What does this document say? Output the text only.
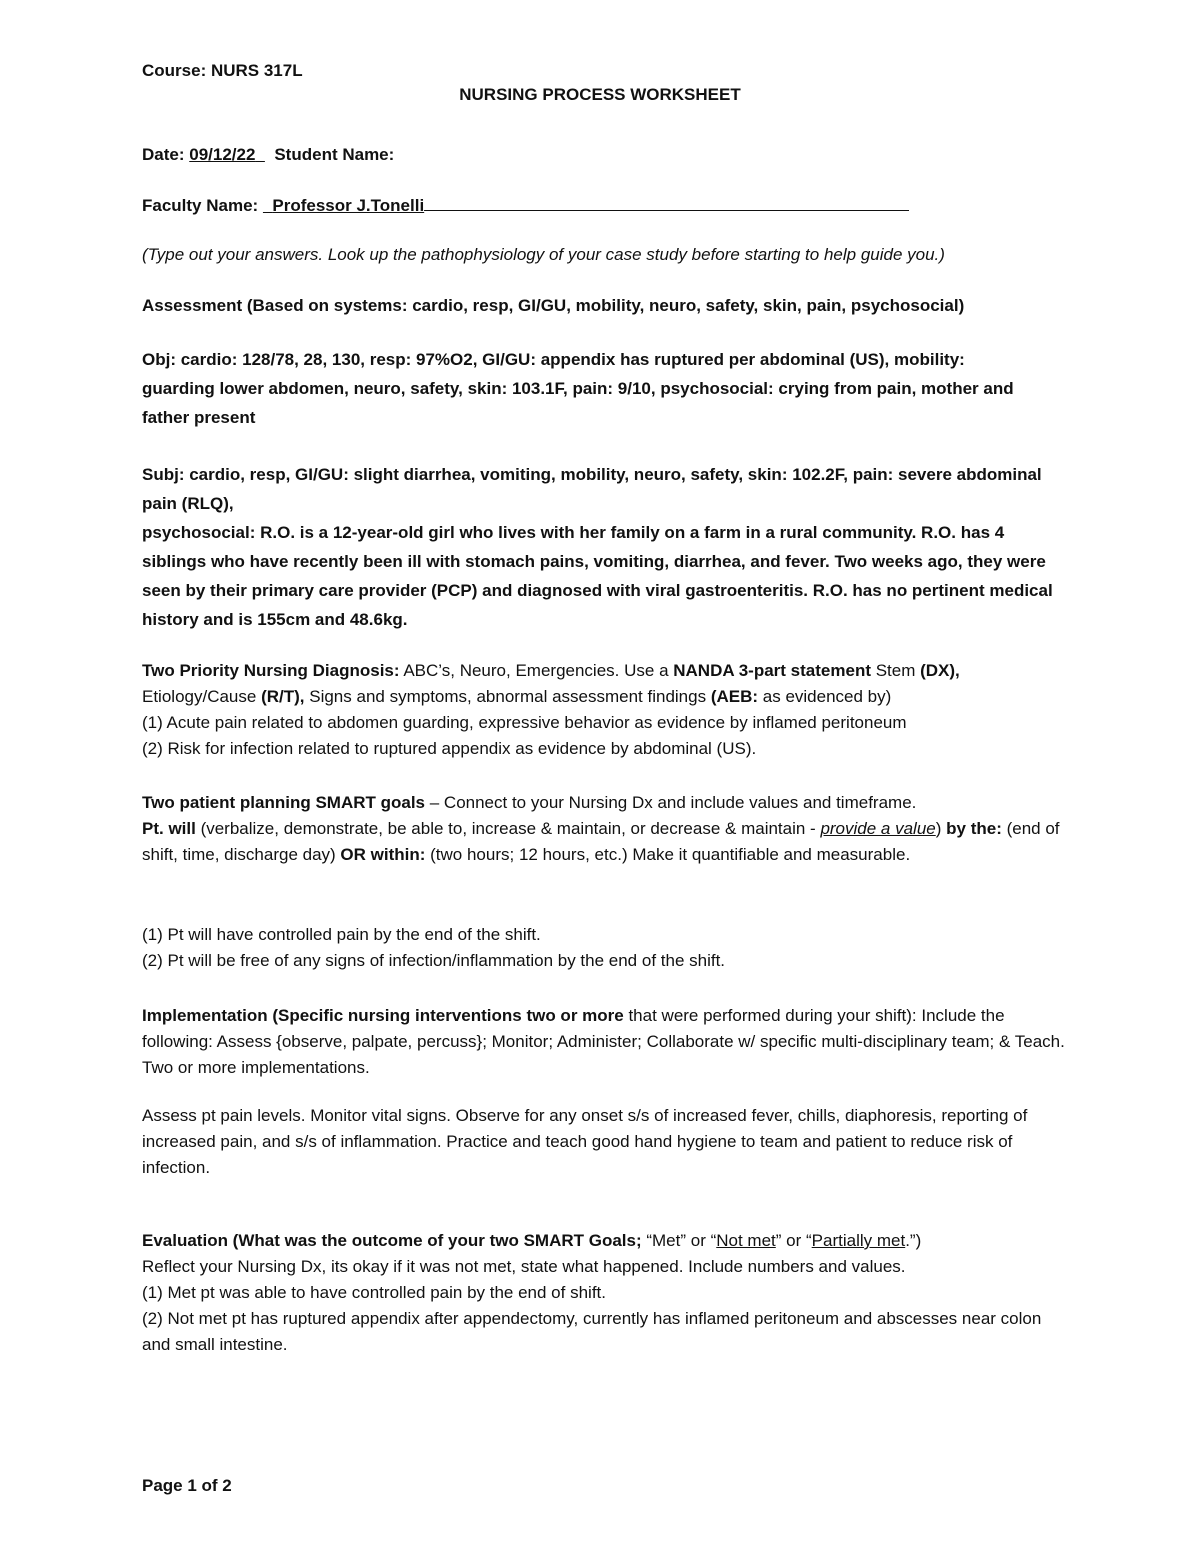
Course: NURS 317L

NURSING PROCESS WORKSHEET

Date: 09/12/22 Student Name:

Faculty Name: Professor J.Tonelli

(Type out your answers. Look up the pathophysiology of your case study before starting to help guide you.)

Assessment (Based on systems: cardio, resp, GI/GU, mobility, neuro, safety, skin, pain, psychosocial)

Obj: cardio: 128/78, 28, 130, resp: 97%O2, GI/GU: appendix has ruptured per abdominal (US), mobility: guarding lower abdomen, neuro, safety, skin: 103.1F, pain: 9/10, psychosocial: crying from pain, mother and father present

Subj: cardio, resp, GI/GU: slight diarrhea, vomiting, mobility, neuro, safety, skin: 102.2F, pain: severe abdominal pain (RLQ),

psychosocial: R.O. is a 12-year-old girl who lives with her family on a farm in a rural community. R.O. has 4 siblings who have recently been ill with stomach pains, vomiting, diarrhea, and fever. Two weeks ago, they were seen by their primary care provider (PCP) and diagnosed with viral gastroenteritis. R.O. has no pertinent medical history and is 155cm and 48.6kg.

Two Priority Nursing Diagnosis: ABC’s, Neuro, Emergencies. Use a NANDA 3-part statement Stem (DX), Etiology/Cause (R/T), Signs and symptoms, abnormal assessment findings (AEB: as evidenced by)

(1) Acute pain related to abdomen guarding, expressive behavior as evidence by inflamed peritoneum

(2) Risk for infection related to ruptured appendix as evidence by abdominal (US).

Two patient planning SMART goals – Connect to your Nursing Dx and include values and timeframe.

Pt. will (verbalize, demonstrate, be able to, increase & maintain, or decrease & maintain - provide a value) by the: (end of shift, time, discharge day) OR within: (two hours; 12 hours, etc.) Make it quantifiable and measurable.

(1) Pt will have controlled pain by the end of the shift.

(2) Pt will be free of any signs of infection/inflammation by the end of the shift.

Implementation (Specific nursing interventions two or more that were performed during your shift): Include the following: Assess {observe, palpate, percuss}; Monitor; Administer; Collaborate w/ specific multi-disciplinary team; & Teach. Two or more implementations.

Assess pt pain levels. Monitor vital signs. Observe for any onset s/s of increased fever, chills, diaphoresis, reporting of increased pain, and s/s of inflammation. Practice and teach good hand hygiene to team and patient to reduce risk of infection.

Evaluation (What was the outcome of your two SMART Goals; “Met” or “Not met” or “Partially met.”)

Reflect your Nursing Dx, its okay if it was not met, state what happened. Include numbers and values.

(1) Met pt was able to have controlled pain by the end of shift.

(2) Not met pt has ruptured appendix after appendectomy, currently has inflamed peritoneum and abscesses near colon and small intestine.

Page 1 of 2
